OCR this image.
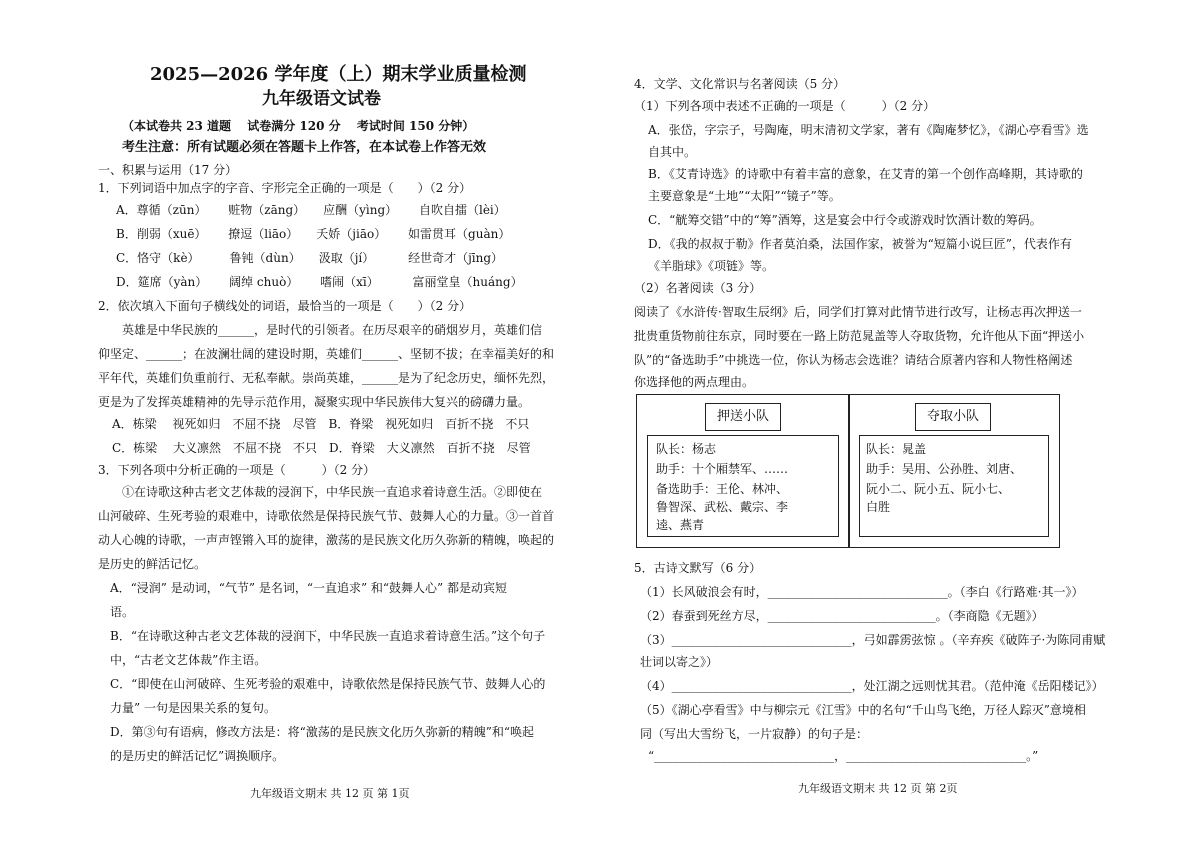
2025—2026 学年度（上）期末学业质量检测
九年级语文试卷
（本试卷共 23 道题　 试卷满分 120 分　 考试时间 150 分钟）
考生注意：所有试题必须在答题卡上作答，在本试卷上作答无效
一、积累与运用（17 分）
1．下列词语中加点字的字音、字形完全正确的一项是（　　）（2 分）
A．尊循（zūn）　　 赃物（zāng）　　应酬（yìng）　　 自吹自擂（lèi）
B．削弱（xuē）　　 撩逗（liāo）　　夭娇（jiāo）　　 如雷贯耳（guàn）
C．恪守（kè）　　　鲁钝（dùn）　　汲取（jí）　　　 经世奇才（jīng）
D．筵席（yàn）　　 阔绰 chuò）　　 嗜闹（xī）　　　 富丽堂皇（huáng）
2．依次填入下面句子横线处的词语，最恰当的一项是（　　）（2 分）
　　英雄是中华民族的______，是时代的引领者。在历尽艰辛的硝烟岁月，英雄们信
仰坚定、______；在波澜壮阔的建设时期，英雄们______、坚韧不拔；在幸福美好的和
平年代，英雄们负重前行、无私奉献。崇尚英雄，______是为了纪念历史，缅怀先烈，
更是为了发挥英雄精神的先导示范作用，凝聚实现中华民族伟大复兴的磅礴力量。
A．栋梁　 视死如归　不屈不挠　尽管　B．脊梁　视死如归　百折不挠　不只
C．栋梁　 大义凛然　不屈不挠　不只　D．脊梁　大义凛然　百折不挠　尽管
3．下列各项中分析正确的一项是（　　　）（2 分）
　　①在诗歌这种古老文艺体裁的浸润下，中华民族一直追求着诗意生活。②即使在
山河破碎、生死考验的艰难中，诗歌依然是保持民族气节、鼓舞人心的力量。③一首首
动人心魄的诗歌，一声声铿锵入耳的旋律，激荡的是民族文化历久弥新的精魄，唤起的
是历史的鲜活记忆。
A．“浸润” 是动词，“气节” 是名词，“一直追求” 和“鼓舞人心” 都是动宾短
语。
B．“在诗歌这种古老文艺体裁的浸润下，中华民族一直追求着诗意生活。”这个句子
中，“古老文艺体裁”作主语。
C．“即使在山河破碎、生死考验的艰难中，诗歌依然是保持民族气节、鼓舞人心的
力量” 一句是因果关系的复句。
D．第③句有语病，修改方法是：将“激荡的是民族文化历久弥新的精魄”和“唤起
的是历史的鲜活记忆”调换顺序。
九年级语文期末 共 12 页 第 1页
4．文学、文化常识与名著阅读（5 分）
（1）下列各项中表述不正确的一项是（　　　）（2 分）
A．张岱，字宗子，号陶庵，明末清初文学家，著有《陶庵梦忆》，《湖心亭看雪》选
自其中。
B．《艾青诗选》的诗歌中有着丰富的意象，在艾青的第一个创作高峰期，其诗歌的
主要意象是“土地”“太阳”“镜子”等。
C．“觥筹交错”中的“筹”酒筹，这是宴会中行令或游戏时饮酒计数的筹码。
D．《我的叔叔于勒》作者莫泊桑，法国作家，被誉为“短篇小说巨匠”，代表作有
《羊脂球》《项链》等。
（2）名著阅读（3 分）
阅读了《水浒传·智取生辰纲》后，同学们打算对此情节进行改写，让杨志再次押送一
批贵重货物前往东京，同时要在一路上防范晁盖等人夺取货物，允许他从下面“押送小
队”的“备选助手”中挑选一位，你认为杨志会选谁？请结合原著内容和人物性格阐述
你选择他的两点理由。
押送小队
队长：杨志
助手：十个厢禁军、……
备选助手：王伦、林冲、
鲁智深、武松、戴宗、李
逵、燕青
夺取小队
队长：晁盖
助手：吴用、公孙胜、刘唐、
阮小二、阮小五、阮小七、
白胜
5．古诗文默写（6 分）
（1）长风破浪会有时，______________________________。（李白《行路难·其一》）
（2）春蚕到死丝方尽，____________________________。（李商隐《无题》）
（3）______________________________，弓如霹雳弦惊 。（辛弃疾《破阵子·为陈同甫赋
壮词以寄之》）
（4）______________________________，处江湖之远则忧其君。（范仲淹《岳阳楼记》）
（5）《湖心亭看雪》中与柳宗元《江雪》中的名句“千山鸟飞绝，万径人踪灭”意境相
同（写出大雪纷飞，一片寂静）的句子是：
“______________________________，______________________________。”
九年级语文期末 共 12 页 第 2页
